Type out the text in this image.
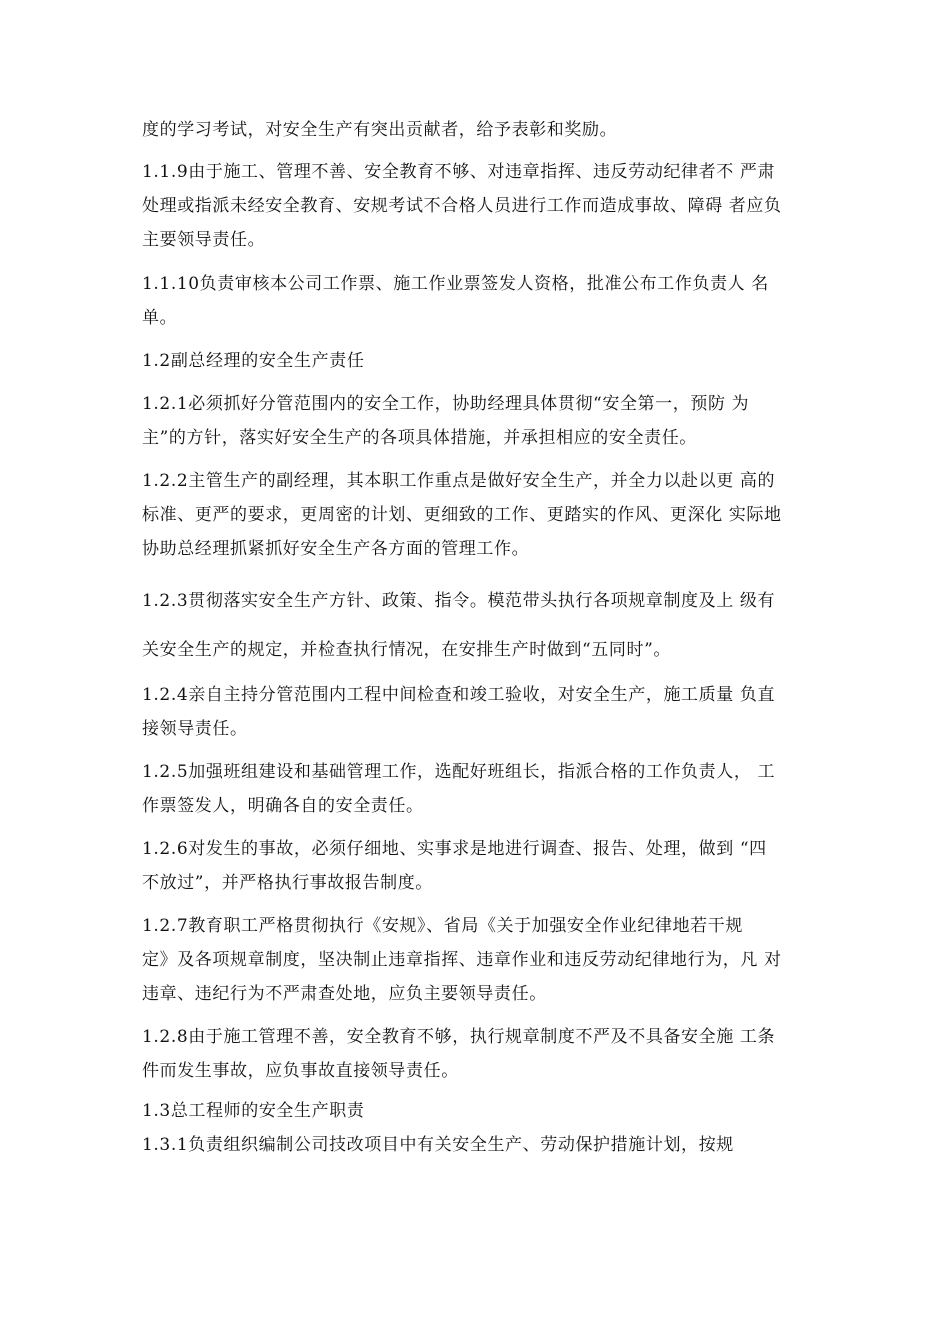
度的学习考试，对安全生产有突出贡献者，给予表彰和奖励。
1.1.9由于施工、管理不善、安全教育不够、对违章指挥、违反劳动纪律者不 严肃
处理或指派未经安全教育、安规考试不合格人员进行工作而造成事故、障碍 者应负
主要领导责任。
1.1.10负责审核本公司工作票、施工作业票签发人资格，批准公布工作负责人 名
单。
1.2副总经理的安全生产责任
1.2.1必须抓好分管范围内的安全工作，协助经理具体贯彻“安全第一，预防 为
主”的方针，落实好安全生产的各项具体措施，并承担相应的安全责任。
1.2.2主管生产的副经理，其本职工作重点是做好安全生产，并全力以赴以更 高的
标准、更严的要求，更周密的计划、更细致的工作、更踏实的作风、更深化 实际地
协助总经理抓紧抓好安全生产各方面的管理工作。
1.2.3贯彻落实安全生产方针、政策、指令。模范带头执行各项规章制度及上 级有
关安全生产的规定，并检查执行情况，在安排生产时做到“五同时”。
1.2.4亲自主持分管范围内工程中间检查和竣工验收，对安全生产，施工质量 负直
接领导责任。
1.2.5加强班组建设和基础管理工作，选配好班组长，指派合格的工作负责人， 工
作票签发人，明确各自的安全责任。
1.2.6对发生的事故，必须仔细地、实事求是地进行调查、报告、处理，做到 “四
不放过”，并严格执行事故报告制度。
1.2.7教育职工严格贯彻执行《安规》、省局《关于加强安全作业纪律地若干规
定》及各项规章制度，坚决制止违章指挥、违章作业和违反劳动纪律地行为，凡 对
违章、违纪行为不严肃查处地，应负主要领导责任。
1.2.8由于施工管理不善，安全教育不够，执行规章制度不严及不具备安全施 工条
件而发生事故，应负事故直接领导责任。
1.3总工程师的安全生产职责
1.3.1负责组织编制公司技改项目中有关安全生产、劳动保护措施计划，按规
